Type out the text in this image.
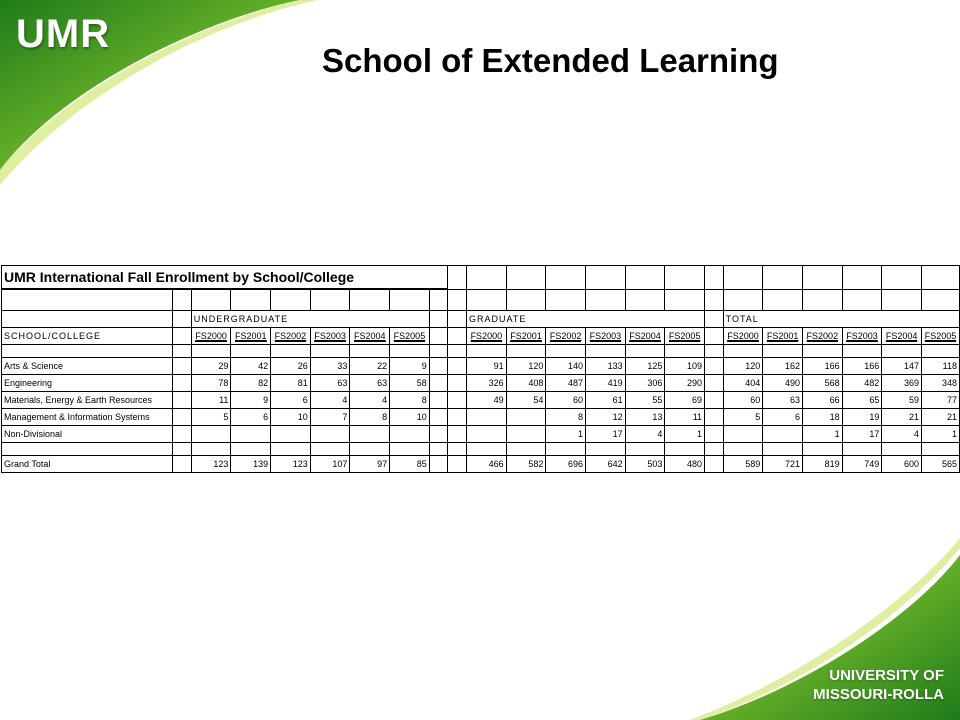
UMR
School of Extended Learning
UMR International Fall Enrollment by School/College																						

		UNDERGRADUATE								GRADUATE							TOTAL					
SCHOOL/COLLEGE		FS2000	FS2001	FS2002	FS2003	FS2004	FS2005			FS2000	FS2001	FS2002	FS2003	FS2004	FS2005		FS2000	FS2001	FS2002	FS2003	FS2004	FS2005

Arts & Science		29	42	26	33	22	9			91	120	140	133	125	109		120	162	166	166	147	118
Engineering		78	82	81	63	63	58			326	408	487	419	306	290		404	490	568	482	369	348
Materials, Energy & Earth Resources		11	9	6	4	4	8			49	54	60	61	55	69		60	63	66	65	59	77
Management & Information Systems		5	6	10	7	8	10					8	12	13	11		5	6	18	19	21	21
Non-Divisional												1	17	4	1				1	17	4	1

Grand Total		123	139	123	107	97	85			466	582	696	642	503	480		589	721	819	749	600	565
UNIVERSITY OF
MISSOURI-ROLLA
